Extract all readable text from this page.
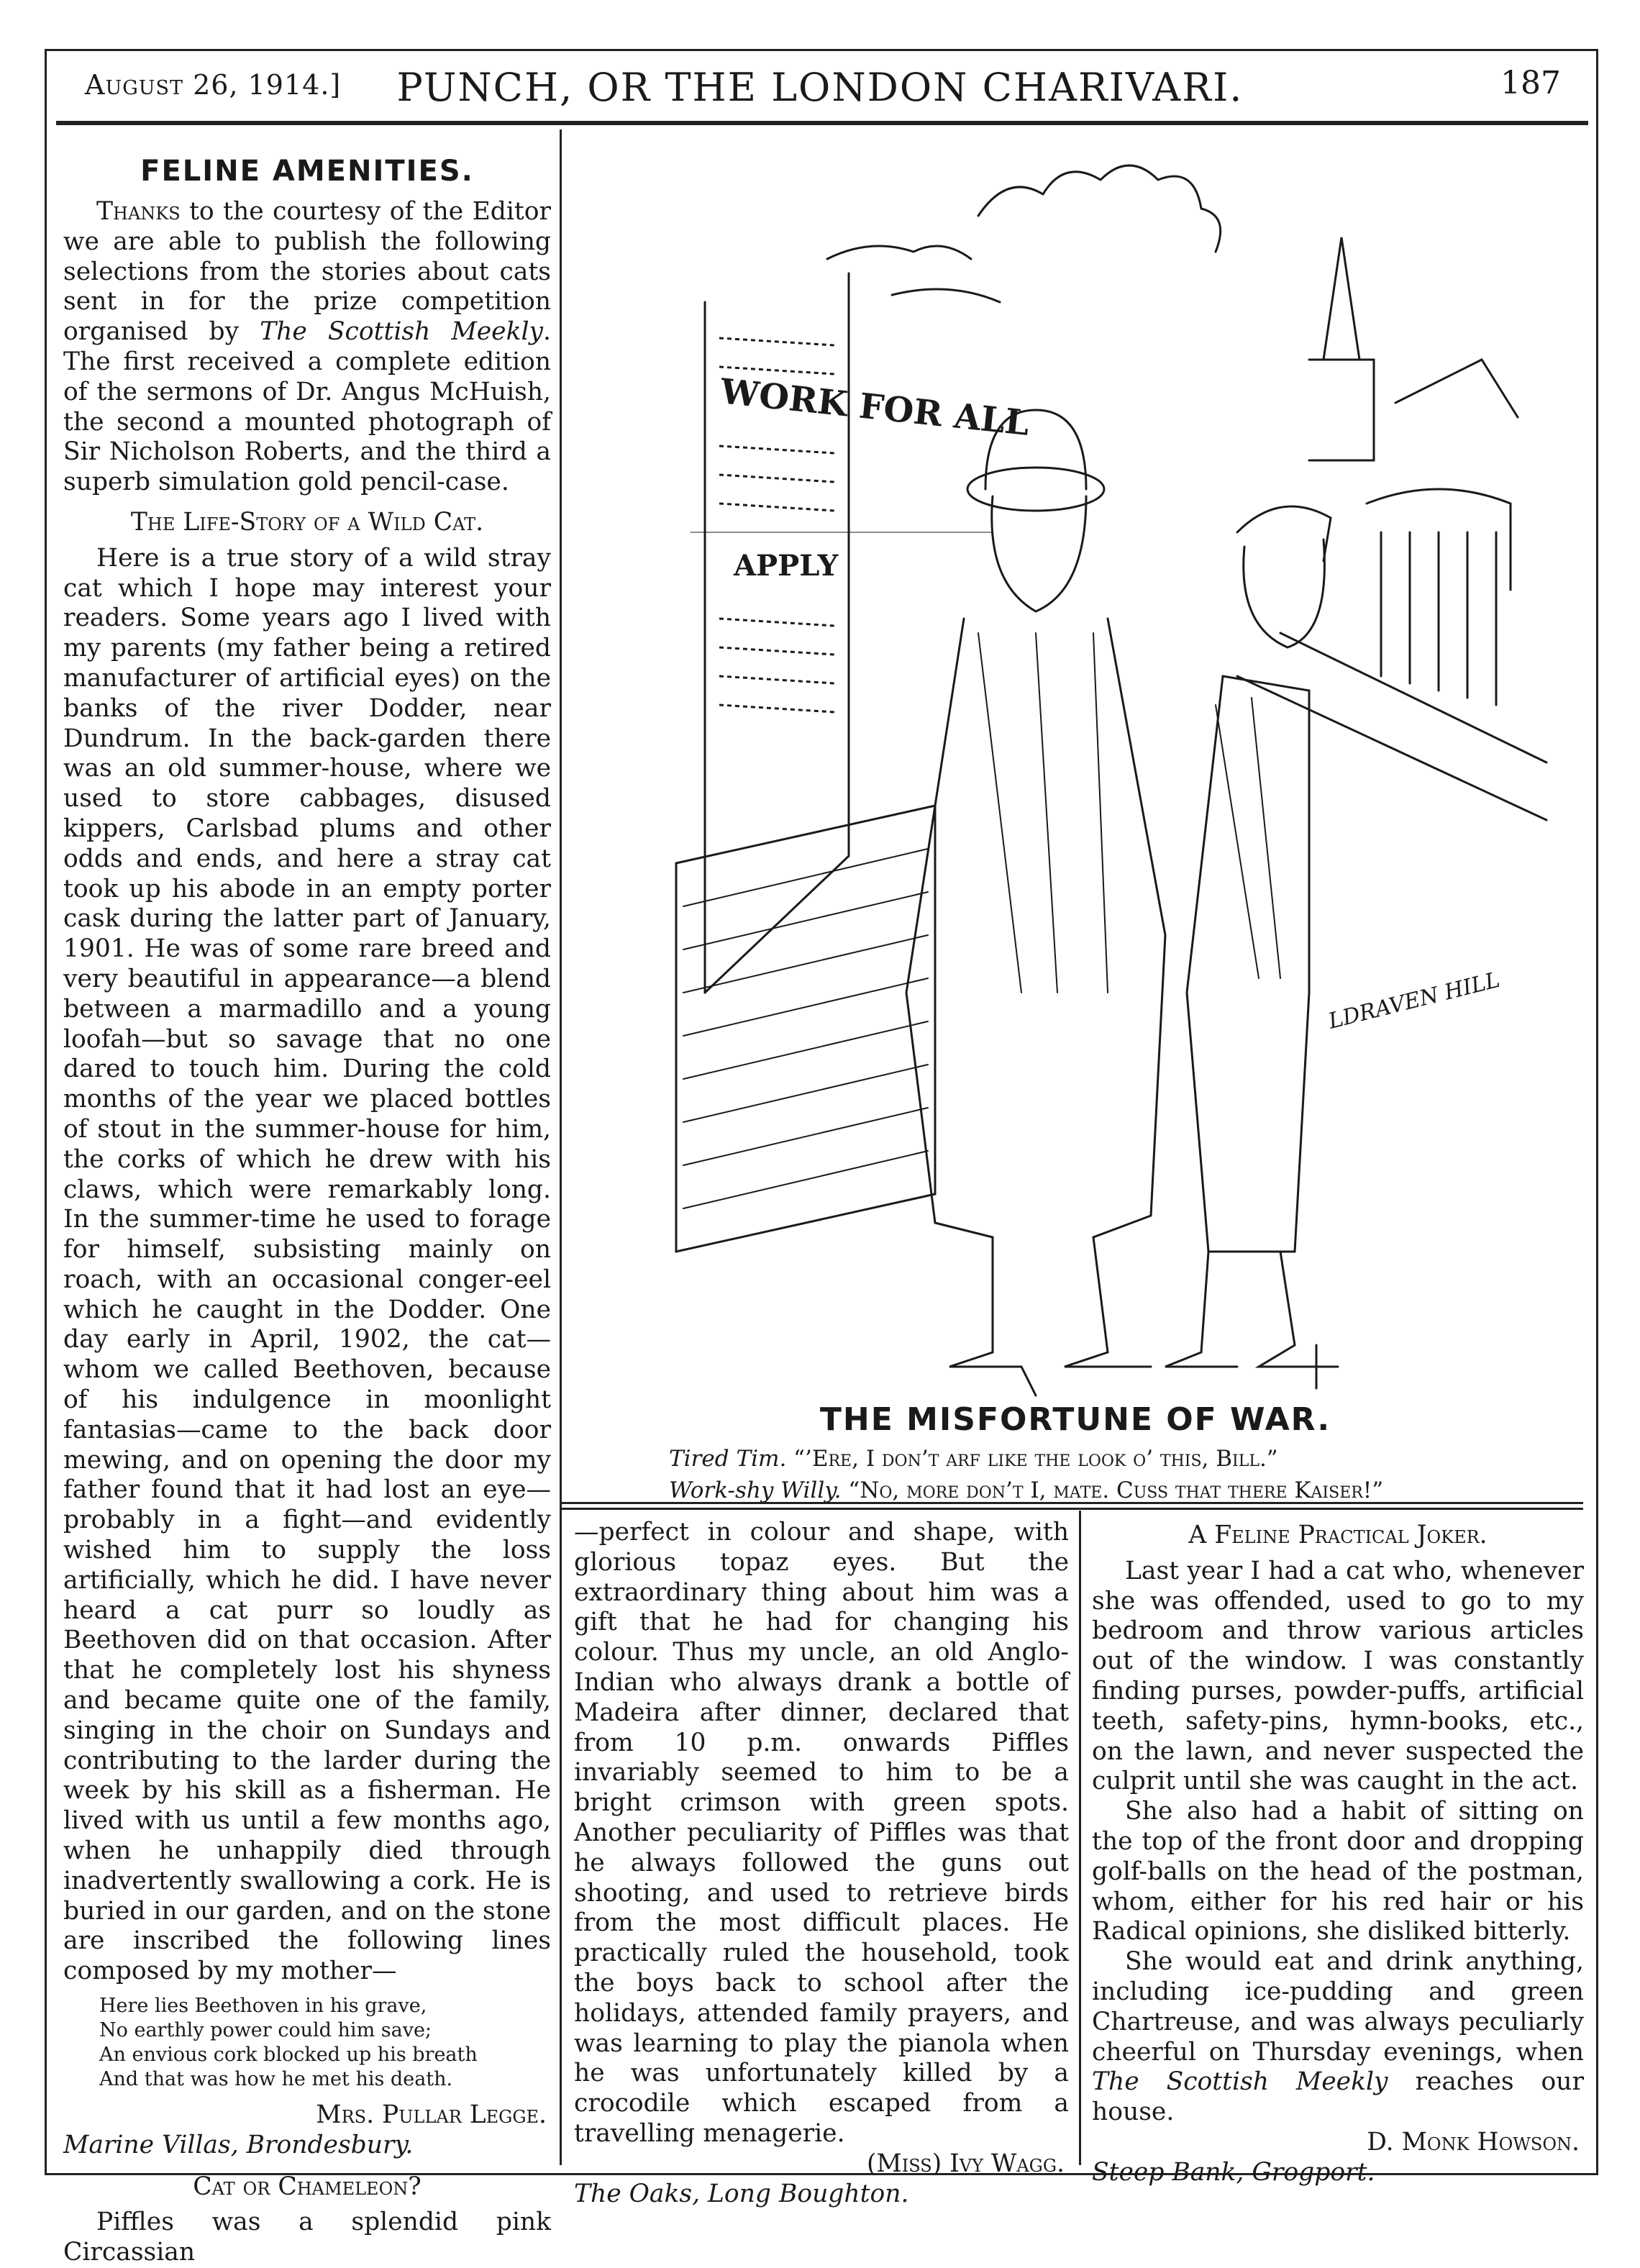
August 26, 1914.]	PUNCH, OR THE LONDON CHARIVARI.	187
FELINE AMENITIES.

Thanks to the courtesy of the Editor we are able to publish the following selections from the stories about cats sent in for the prize competition organised by The Scottish Meekly. The first received a complete edition of the sermons of Dr. Angus McHuish, the second a mounted photograph of Sir Nicholson Roberts, and the third a superb simulation gold pencil-case.

The Life-Story of a Wild Cat.

Here is a true story of a wild stray cat which I hope may interest your readers. Some years ago I lived with my parents (my father being a retired manufacturer of artificial eyes) on the banks of the river Dodder, near Dundrum. In the back-garden there was an old summer-house, where we used to store cabbages, disused kippers, Carlsbad plums and other odds and ends, and here a stray cat took up his abode in an empty porter cask during the latter part of January, 1901. He was of some rare breed and very beautiful in appearance—a blend between a marmadillo and a young loofah—but so savage that no one dared to touch him. During the cold months of the year we placed bottles of stout in the summer-house for him, the corks of which he drew with his claws, which were remarkably long. In the summer-time he used to forage for himself, subsisting mainly on roach, with an occasional conger-eel which he caught in the Dodder. One day early in April, 1902, the cat—whom we called Beethoven, because of his indulgence in moonlight fantasias—came to the back door mewing, and on opening the door my father found that it had lost an eye—probably in a fight—and evidently wished him to supply the loss artificially, which he did. I have never heard a cat purr so loudly as Beethoven did on that occasion. After that he completely lost his shyness and became quite one of the family, singing in the choir on Sundays and contributing to the larder during the week by his skill as a fisherman. He lived with us until a few months ago, when he unhappily died through inadvertently swallowing a cork. He is buried in our garden, and on the stone are inscribed the following lines composed by my mother—

Here lies Beethoven in his grave,
No earthly power could him save;
An envious cork blocked up his breath
And that was how he met his death.

Mrs. Pullar Legge.

Marine Villas, Brondesbury.

Cat or Chameleon?

Piffles was a splendid pink Circassian

WORK FOR ALL
APPLY
LDRAVEN HILL
THE MISFORTUNE OF WAR.
Tired Tim. “’Ere, I don’t arf like the look o’ this, Bill.”
Work-shy Willy. “No, more don’t I, mate. Cuss that there Kaiser!”

—perfect in colour and shape, with glorious topaz eyes. But the extraordinary thing about him was a gift that he had for changing his colour. Thus my uncle, an old Anglo-Indian who always drank a bottle of Madeira after dinner, declared that from 10 p.m. onwards Piffles invariably seemed to him to be a bright crimson with green spots. Another peculiarity of Piffles was that he always followed the guns out shooting, and used to retrieve birds from the most difficult places. He practically ruled the household, took the boys back to school after the holidays, attended family prayers, and was learning to play the pianola when he was unfortunately killed by a crocodile which escaped from a travelling menagerie.

(Miss) Ivy Wagg.

The Oaks, Long Boughton.

A Feline Practical Joker.

Last year I had a cat who, whenever she was offended, used to go to my bedroom and throw various articles out of the window. I was constantly finding purses, powder-puffs, artificial teeth, safety-pins, hymn-books, etc., on the lawn, and never suspected the culprit until she was caught in the act.

She also had a habit of sitting on the top of the front door and dropping golf-balls on the head of the postman, whom, either for his red hair or his Radical opinions, she disliked bitterly.

She would eat and drink anything, including ice-pudding and green Chartreuse, and was always peculiarly cheerful on Thursday evenings, when The Scottish Meekly reaches our house.

D. Monk Howson.

Steep Bank, Grogport.
